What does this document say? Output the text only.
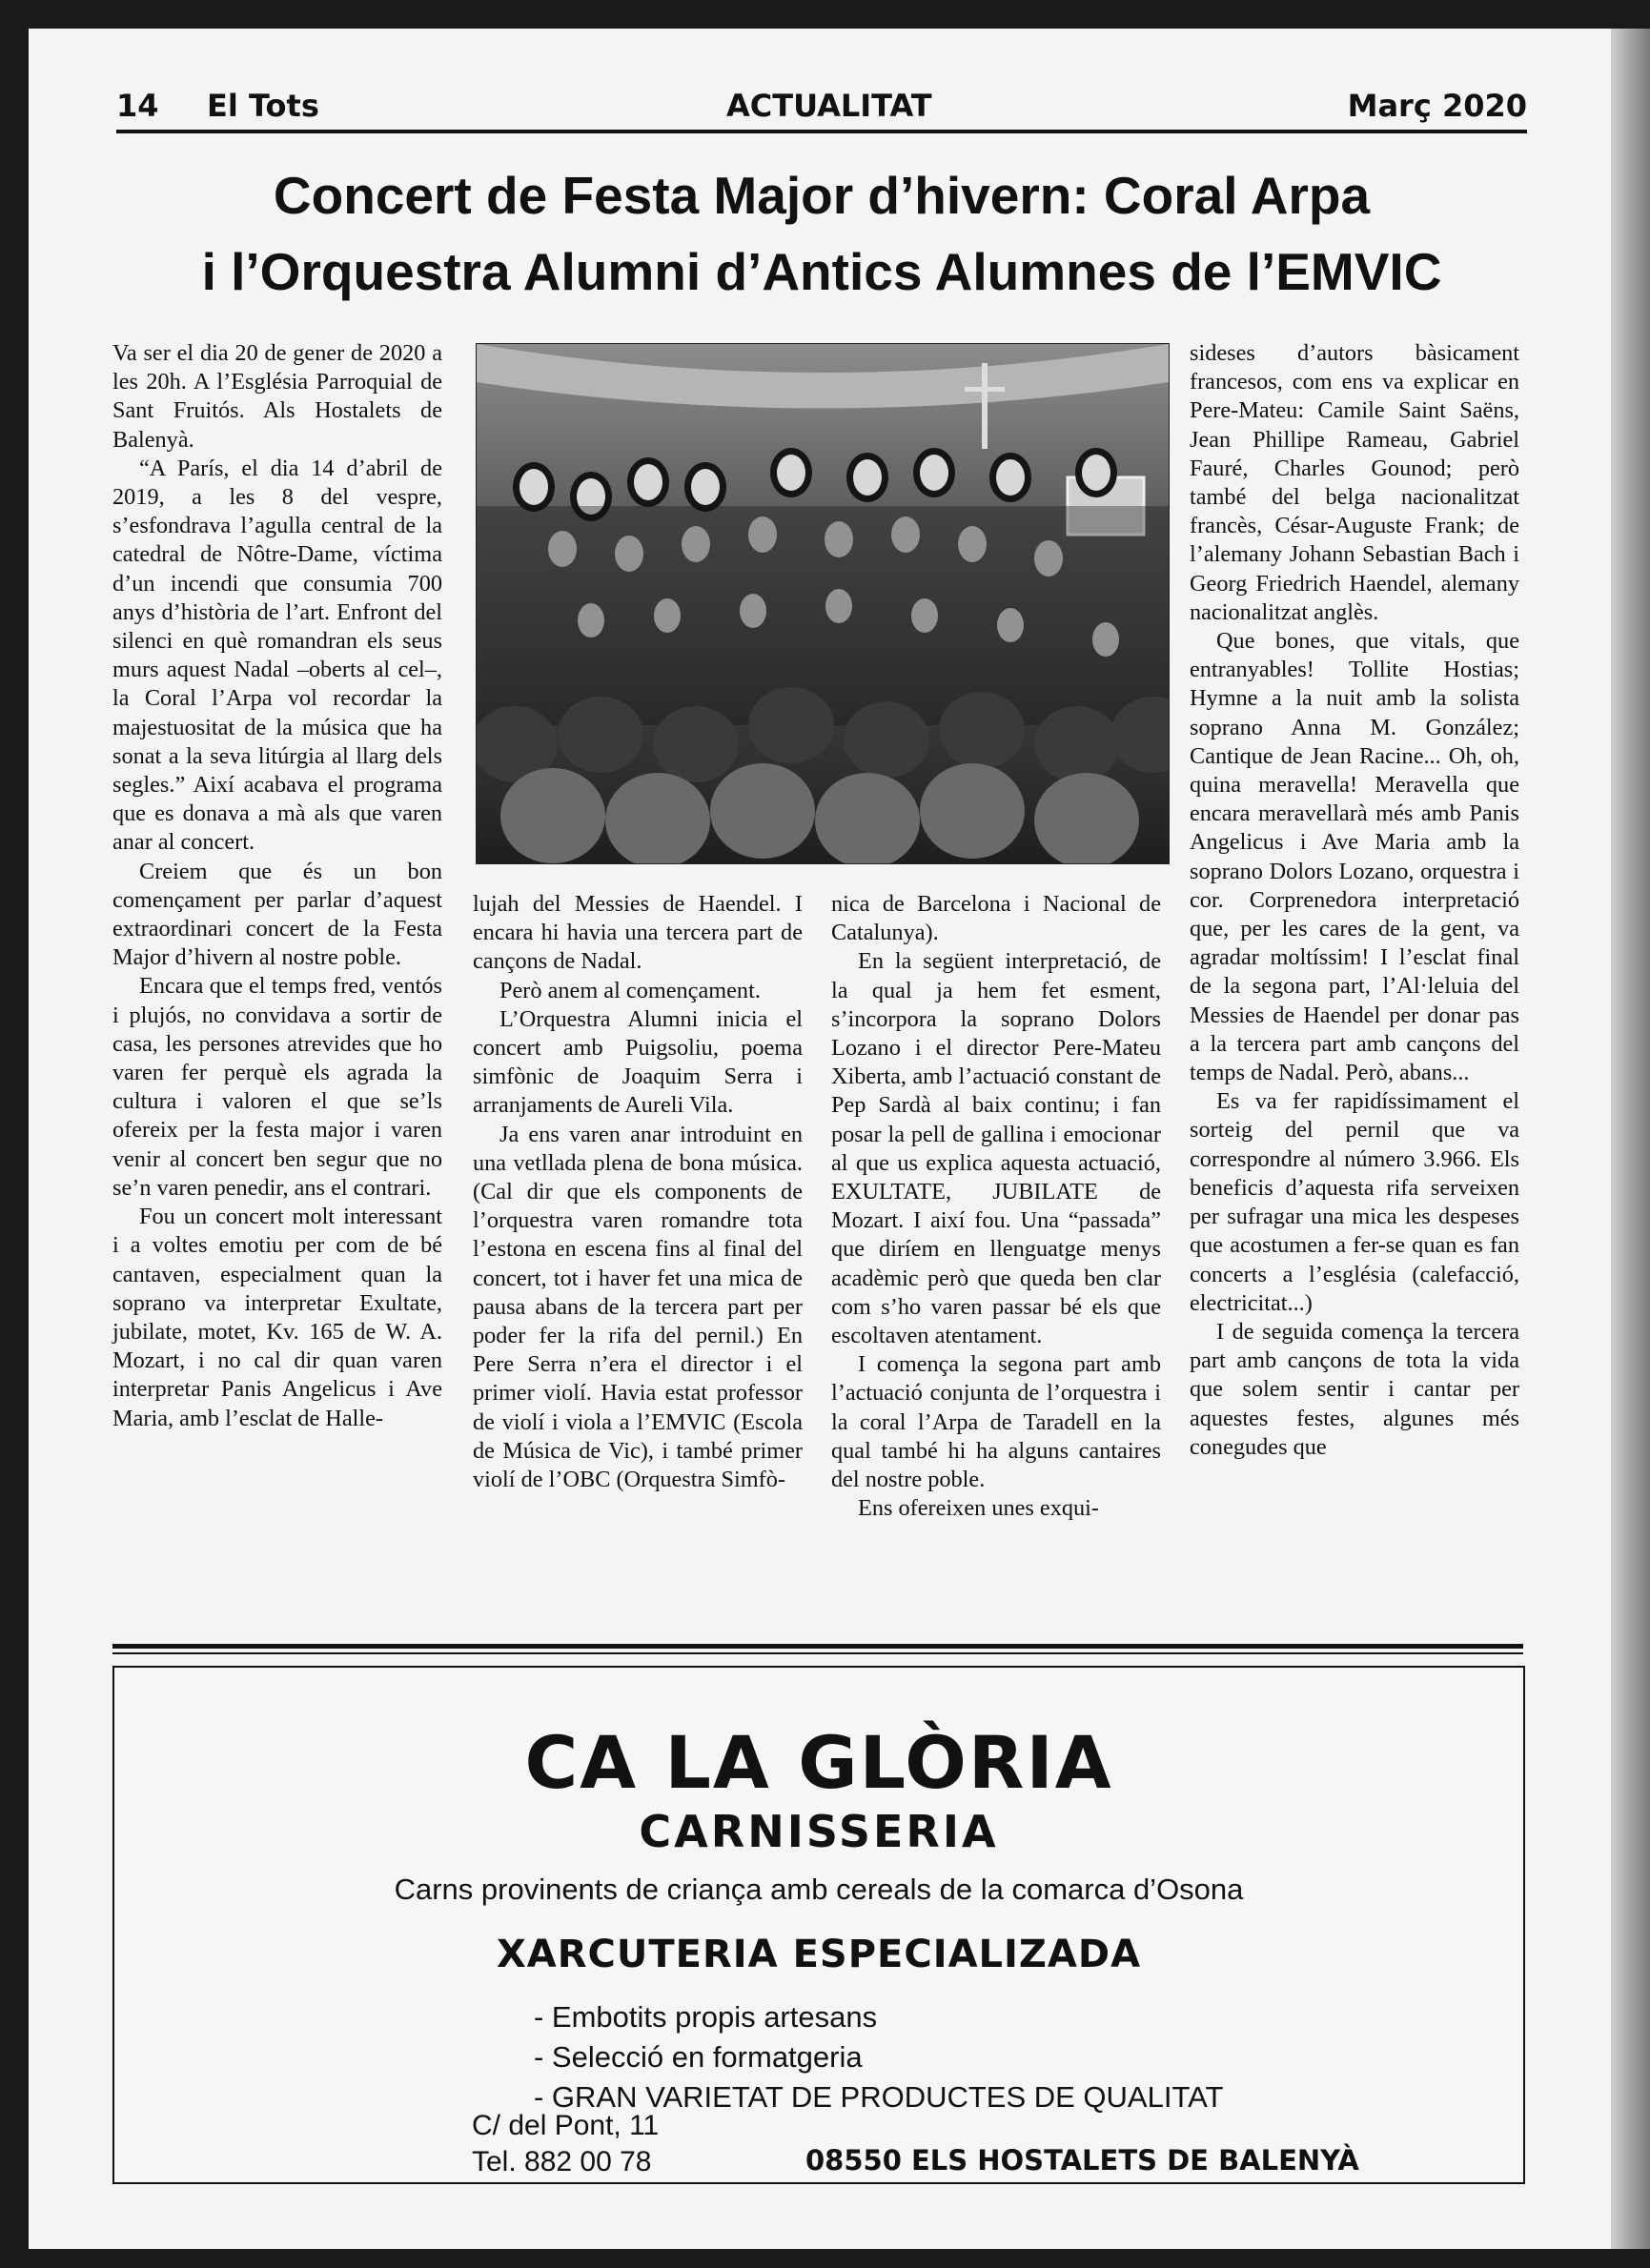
14 El Tots	ACTUALITAT	Març 2020
Concert de Festa Major d’hivern: Coral Arpa
i l’Orquestra Alumni d’Antics Alumnes de l’EMVIC

Va ser el dia 20 de gener de 2020 a les 20h. A l’Església Parroquial de Sant Fruitós. Als Hostalets de Balenyà.

“A París, el dia 14 d’abril de 2019, a les 8 del vespre, s’esfondrava l’agulla central de la catedral de Nôtre-Dame, víctima d’un incendi que consumia 700 anys d’història de l’art. Enfront del silenci en què romandran els seus murs aquest Nadal –oberts al cel–, la Coral l’Arpa vol recordar la majestuositat de la música que ha sonat a la seva litúrgia al llarg dels segles.” Així acabava el programa que es donava a mà als que varen anar al concert.

Creiem que és un bon començament per parlar d’aquest extraordinari concert de la Festa Major d’hivern al nostre poble.

Encara que el temps fred, ventós i plujós, no convidava a sortir de casa, les persones atrevides que ho varen fer perquè els agrada la cultura i valoren el que se’ls ofereix per la festa major i varen venir al concert ben segur que no se’n varen penedir, ans el contrari.

Fou un concert molt interessant i a voltes emotiu per com de bé cantaven, especialment quan la soprano va interpretar Exultate, jubilate, motet, Kv. 165 de W. A. Mozart, i no cal dir quan varen interpretar Panis Angelicus i Ave Maria, amb l’esclat de Halle-

lujah del Messies de Haendel. I encara hi havia una tercera part de cançons de Nadal.

Però anem al començament.

L’Orquestra Alumni inicia el concert amb Puigsoliu, poema simfònic de Joaquim Serra i arranjaments de Aureli Vila.

Ja ens varen anar introduint en una vetllada plena de bona música. (Cal dir que els components de l’orquestra varen romandre tota l’estona en escena fins al final del concert, tot i haver fet una mica de pausa abans de la tercera part per poder fer la rifa del pernil.) En Pere Serra n’era el director i el primer violí. Havia estat professor de violí i viola a l’EMVIC (Escola de Música de Vic), i també primer violí de l’OBC (Orquestra Simfò-

nica de Barcelona i Nacional de Catalunya).

En la següent interpretació, de la qual ja hem fet esment, s’incorpora la soprano Dolors Lozano i el director Pere-Mateu Xiberta, amb l’actuació constant de Pep Sardà al baix continu; i fan posar la pell de gallina i emocionar al que us explica aquesta actuació, EXULTATE, JUBILATE de Mozart. I així fou. Una “passada” que diríem en llenguatge menys acadèmic però que queda ben clar com s’ho varen passar bé els que escoltaven atentament.

I comença la segona part amb l’actuació conjunta de l’orquestra i la coral l’Arpa de Taradell en la qual també hi ha alguns cantaires del nostre poble.

Ens ofereixen unes exqui-

sideses d’autors bàsicament francesos, com ens va explicar en Pere-Mateu: Camile Saint Saëns, Jean Phillipe Rameau, Gabriel Fauré, Charles Gounod; però també del belga nacionalitzat francès, César-Auguste Frank; de l’alemany Johann Sebastian Bach i Georg Friedrich Haendel, alemany nacionalitzat anglès.

Que bones, que vitals, que entranyables! Tollite Hostias; Hymne a la nuit amb la solista soprano Anna M. González; Cantique de Jean Racine... Oh, oh, quina meravella! Meravella que encara meravellarà més amb Panis Angelicus i Ave Maria amb la soprano Dolors Lozano, orquestra i cor. Corprenedora interpretació que, per les cares de la gent, va agradar moltíssim! I l’esclat final de la segona part, l’Al·leluia del Messies de Haendel per donar pas a la tercera part amb cançons del temps de Nadal. Però, abans...

Es va fer rapidíssimament el sorteig del pernil que va correspondre al número 3.966. Els beneficis d’aquesta rifa serveixen per sufragar una mica les despeses que acostumen a fer-se quan es fan concerts a l’església (calefacció, electricitat...)

I de seguida comença la tercera part amb cançons de tota la vida que solem sentir i cantar per aquestes festes, algunes més conegudes que

CA LA GLÒRIA
CARNISSERIA
Carns provinents de criança amb cereals de la comarca d’Osona
XARCUTERIA ESPECIALIZADA
- Embotits propis artesans
- Selecció en formatgeria
- GRAN VARIETAT DE PRODUCTES DE QUALITAT
C/ del Pont, 11
Tel. 882 00 78	08550 ELS HOSTALETS DE BALENYÀ
